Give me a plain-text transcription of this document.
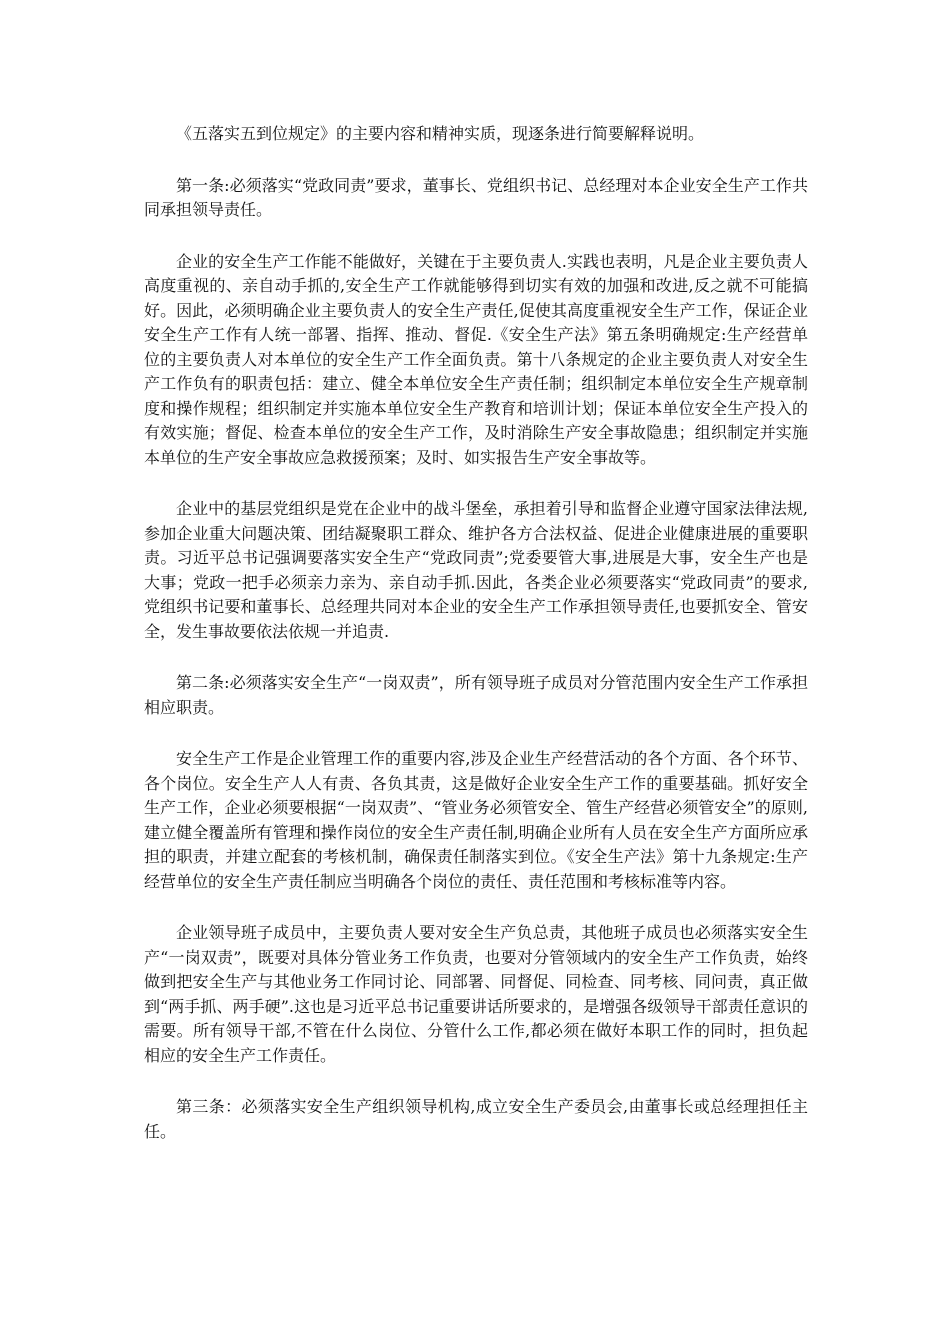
《五落实五到位规定》的主要内容和精神实质，现逐条进行简要解释说明。

第一条:必须落实“党政同责”要求，董事长、党组织书记、总经理对本企业安全生产工作共同承担领导责任。

企业的安全生产工作能不能做好，关键在于主要负责人.实践也表明，凡是企业主要负责人高度重视的、亲自动手抓的,安全生产工作就能够得到切实有效的加强和改进,反之就不可能搞好。因此，必须明确企业主要负责人的安全生产责任,促使其高度重视安全生产工作，保证企业安全生产工作有人统一部署、指挥、推动、督促.《安全生产法》第五条明确规定:生产经营单位的主要负责人对本单位的安全生产工作全面负责。第十八条规定的企业主要负责人对安全生产工作负有的职责包括：建立、健全本单位安全生产责任制；组织制定本单位安全生产规章制度和操作规程；组织制定并实施本单位安全生产教育和培训计划；保证本单位安全生产投入的有效实施；督促、检查本单位的安全生产工作，及时消除生产安全事故隐患；组织制定并实施本单位的生产安全事故应急救援预案；及时、如实报告生产安全事故等。

企业中的基层党组织是党在企业中的战斗堡垒，承担着引导和监督企业遵守国家法律法规,参加企业重大问题决策、团结凝聚职工群众、维护各方合法权益、促进企业健康进展的重要职责。习近平总书记强调要落实安全生产“党政同责”;党委要管大事,进展是大事，安全生产也是大事；党政一把手必须亲力亲为、亲自动手抓.因此，各类企业必须要落实“党政同责”的要求,党组织书记要和董事长、总经理共同对本企业的安全生产工作承担领导责任,也要抓安全、管安全，发生事故要依法依规一并追责.

第二条:必须落实安全生产“一岗双责”，所有领导班子成员对分管范围内安全生产工作承担相应职责。

安全生产工作是企业管理工作的重要内容,涉及企业生产经营活动的各个方面、各个环节、各个岗位。安全生产人人有责、各负其责，这是做好企业安全生产工作的重要基础。抓好安全生产工作，企业必须要根据“一岗双责”、“管业务必须管安全、管生产经营必须管安全”的原则,建立健全覆盖所有管理和操作岗位的安全生产责任制,明确企业所有人员在安全生产方面所应承担的职责，并建立配套的考核机制，确保责任制落实到位。《安全生产法》第十九条规定:生产经营单位的安全生产责任制应当明确各个岗位的责任、责任范围和考核标准等内容。

企业领导班子成员中，主要负责人要对安全生产负总责，其他班子成员也必须落实安全生产“一岗双责”，既要对具体分管业务工作负责，也要对分管领域内的安全生产工作负责，始终做到把安全生产与其他业务工作同讨论、同部署、同督促、同检查、同考核、同问责，真正做到“两手抓、两手硬”.这也是习近平总书记重要讲话所要求的，是增强各级领导干部责任意识的需要。所有领导干部,不管在什么岗位、分管什么工作,都必须在做好本职工作的同时，担负起相应的安全生产工作责任。

第三条：必须落实安全生产组织领导机构,成立安全生产委员会,由董事长或总经理担任主任。
